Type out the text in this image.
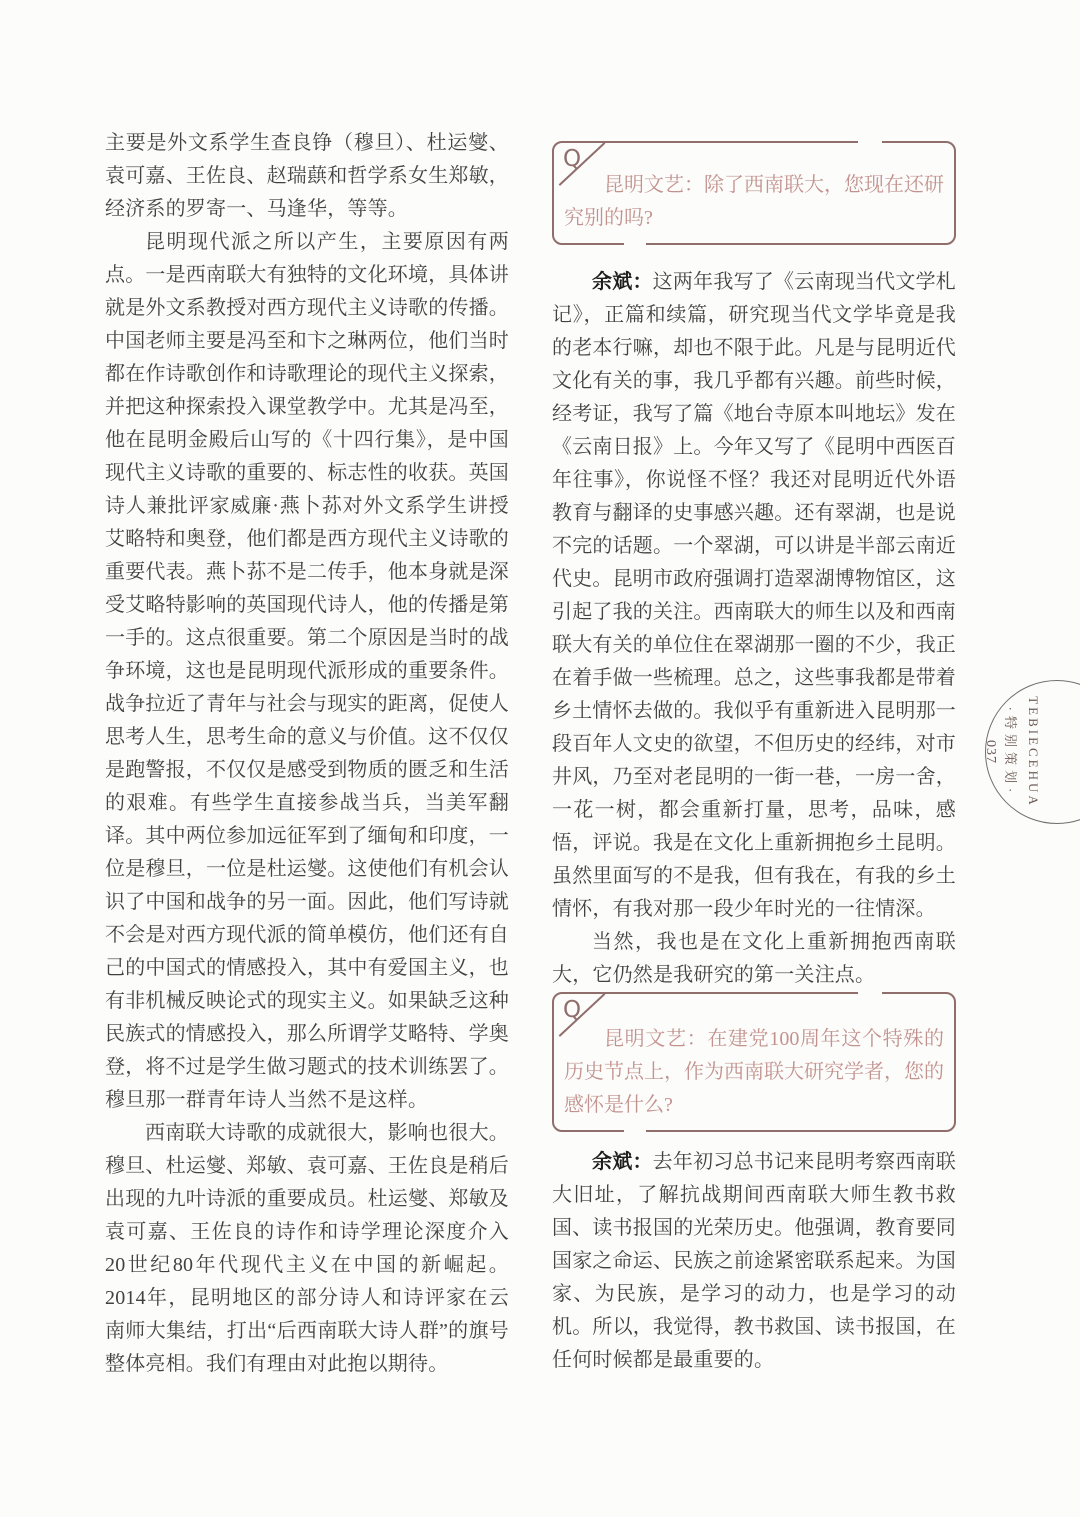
主要是外文系学生查良铮（穆旦）、杜运燮、袁可嘉、王佐良、赵瑞蕻和哲学系女生郑敏，经济系的罗寄一、马逢华，等等。

昆明现代派之所以产生，主要原因有两点。一是西南联大有独特的文化环境，具体讲就是外文系教授对西方现代主义诗歌的传播。中国老师主要是冯至和卞之琳两位，他们当时都在作诗歌创作和诗歌理论的现代主义探索，并把这种探索投入课堂教学中。尤其是冯至，他在昆明金殿后山写的《十四行集》，是中国现代主义诗歌的重要的、标志性的收获。英国诗人兼批评家威廉·燕卜荪对外文系学生讲授艾略特和奥登，他们都是西方现代主义诗歌的重要代表。燕卜荪不是二传手，他本身就是深受艾略特影响的英国现代诗人，他的传播是第一手的。这点很重要。第二个原因是当时的战争环境，这也是昆明现代派形成的重要条件。战争拉近了青年与社会与现实的距离，促使人思考人生，思考生命的意义与价值。这不仅仅是跑警报，不仅仅是感受到物质的匮乏和生活的艰难。有些学生直接参战当兵，当美军翻译。其中两位参加远征军到了缅甸和印度，一位是穆旦，一位是杜运燮。这使他们有机会认识了中国和战争的另一面。因此，他们写诗就不会是对西方现代派的简单模仿，他们还有自己的中国式的情感投入，其中有爱国主义，也有非机械反映论式的现实主义。如果缺乏这种民族式的情感投入，那么所谓学艾略特、学奥登，将不过是学生做习题式的技术训练罢了。穆旦那一群青年诗人当然不是这样。

西南联大诗歌的成就很大，影响也很大。穆旦、杜运燮、郑敏、袁可嘉、王佐良是稍后出现的九叶诗派的重要成员。杜运燮、郑敏及袁可嘉、王佐良的诗作和诗学理论深度介入20世纪80年代现代主义在中国的新崛起。2014年，昆明地区的部分诗人和诗评家在云南师大集结，打出“后西南联大诗人群”的旗号整体亮相。我们有理由对此抱以期待。

Q

昆明文艺：除了西南联大，您现在还研究别的吗?

余斌：这两年我写了《云南现当代文学札记》，正篇和续篇，研究现当代文学毕竟是我的老本行嘛，却也不限于此。凡是与昆明近代文化有关的事，我几乎都有兴趣。前些时候，经考证，我写了篇《地台寺原本叫地坛》发在《云南日报》上。今年又写了《昆明中西医百年往事》，你说怪不怪？我还对昆明近代外语教育与翻译的史事感兴趣。还有翠湖，也是说不完的话题。一个翠湖，可以讲是半部云南近代史。昆明市政府强调打造翠湖博物馆区，这引起了我的关注。西南联大的师生以及和西南联大有关的单位住在翠湖那一圈的不少，我正在着手做一些梳理。总之，这些事我都是带着乡土情怀去做的。我似乎有重新进入昆明那一段百年人文史的欲望，不但历史的经纬，对市井风，乃至对老昆明的一街一巷，一房一舍，一花一树，都会重新打量，思考，品味，感悟，评说。我是在文化上重新拥抱乡土昆明。虽然里面写的不是我，但有我在，有我的乡土情怀，有我对那一段少年时光的一往情深。

当然，我也是在文化上重新拥抱西南联大，它仍然是我研究的第一关注点。

Q

昆明文艺：在建党100周年这个特殊的历史节点上，作为西南联大研究学者，您的感怀是什么?

余斌：去年初习总书记来昆明考察西南联大旧址，了解抗战期间西南联大师生教书救国、读书报国的光荣历史。他强调，教育要同国家之命运、民族之前途紧密联系起来。为国家、为民族，是学习的动力，也是学习的动机。所以，我觉得，教书救国、读书报国，在任何时候都是最重要的。

TEBIECEHUA
·特别策划·
037
